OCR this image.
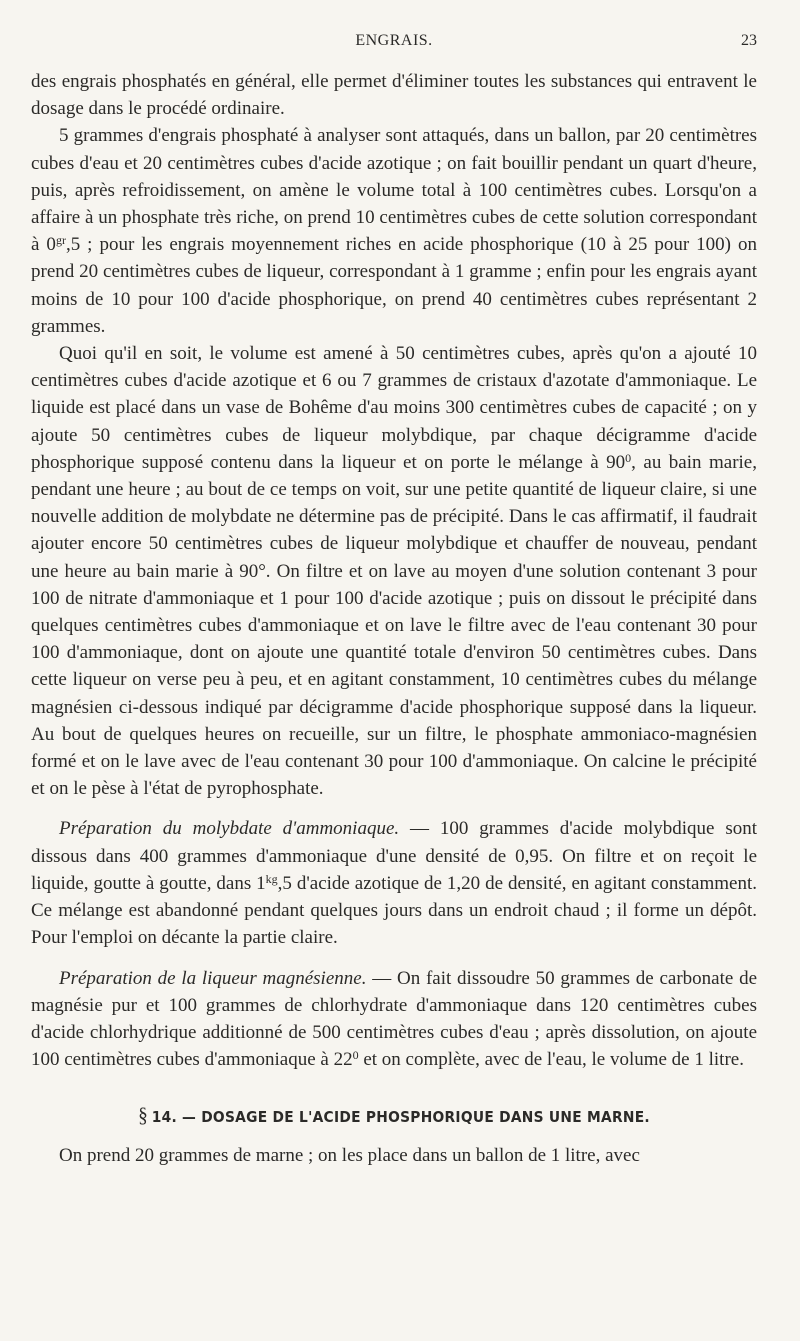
ENGRAIS.	23

des engrais phosphatés en général, elle permet d'éliminer toutes les substances qui entravent le dosage dans le procédé ordinaire.

5 grammes d'engrais phosphaté à analyser sont attaqués, dans un ballon, par 20 centimètres cubes d'eau et 20 centimètres cubes d'acide azotique ; on fait bouillir pendant un quart d'heure, puis, après refroidissement, on amène le volume total à 100 centimètres cubes. Lorsqu'on a affaire à un phosphate très riche, on prend 10 centimètres cubes de cette solution correspondant à $0^{gr},5$ ; pour les engrais moyennement riches en acide phosphorique (10 à 25 pour 100) on prend 20 centimètres cubes de liqueur, correspondant à 1 gramme ; enfin pour les engrais ayant moins de 10 pour 100 d'acide phosphorique, on prend 40 centimètres cubes représentant 2 grammes.

Quoi qu'il en soit, le volume est amené à 50 centimètres cubes, après qu'on a ajouté 10 centimètres cubes d'acide azotique et 6 ou 7 grammes de cristaux d'azotate d'ammoniaque. Le liquide est placé dans un vase de Bohême d'au moins 300 centimètres cubes de capacité ; on y ajoute 50 centimètres cubes de liqueur molybdique, par chaque décigramme d'acide phosphorique supposé contenu dans la liqueur et on porte le mélange à $90^0$, au bain marie, pendant une heure ; au bout de ce temps on voit, sur une petite quantité de liqueur claire, si une nouvelle addition de molybdate ne détermine pas de précipité. Dans le cas affirmatif, il faudrait ajouter encore 50 centimètres cubes de liqueur molybdique et chauffer de nouveau, pendant une heure au bain marie à 90°. On filtre et on lave au moyen d'une solution contenant 3 pour 100 de nitrate d'ammoniaque et 1 pour 100 d'acide azotique ; puis on dissout le précipité dans quelques centimètres cubes d'ammoniaque et on lave le filtre avec de l'eau contenant 30 pour 100 d'ammoniaque, dont on ajoute une quantité totale d'environ 50 centimètres cubes. Dans cette liqueur on verse peu à peu, et en agitant constamment, 10 centimètres cubes du mélange magnésien ci-dessous indiqué par décigramme d'acide phosphorique supposé dans la liqueur. Au bout de quelques heures on recueille, sur un filtre, le phosphate ammoniaco-magnésien formé et on le lave avec de l'eau contenant 30 pour 100 d'ammoniaque. On calcine le précipité et on le pèse à l'état de pyrophosphate.

Préparation du molybdate d'ammoniaque. — 100 grammes d'acide molybdique sont dissous dans 400 grammes d'ammoniaque d'une densité de 0,95. On filtre et on reçoit le liquide, goutte à goutte, dans $1^{kg},5$ d'acide azotique de 1,20 de densité, en agitant constamment. Ce mélange est abandonné pendant quelques jours dans un endroit chaud ; il forme un dépôt. Pour l'emploi on décante la partie claire.

Préparation de la liqueur magnésienne. — On fait dissoudre 50 grammes de carbonate de magnésie pur et 100 grammes de chlorhydrate d'ammoniaque dans 120 centimètres cubes d'acide chlorhydrique additionné de 500 centimètres cubes d'eau ; après dissolution, on ajoute 100 centimètres cubes d'ammoniaque à $22^0$ et on complète, avec de l'eau, le volume de 1 litre.

§ 14. — DOSAGE DE L'ACIDE PHOSPHORIQUE DANS UNE MARNE.

On prend 20 grammes de marne ; on les place dans un ballon de 1 litre, avec
